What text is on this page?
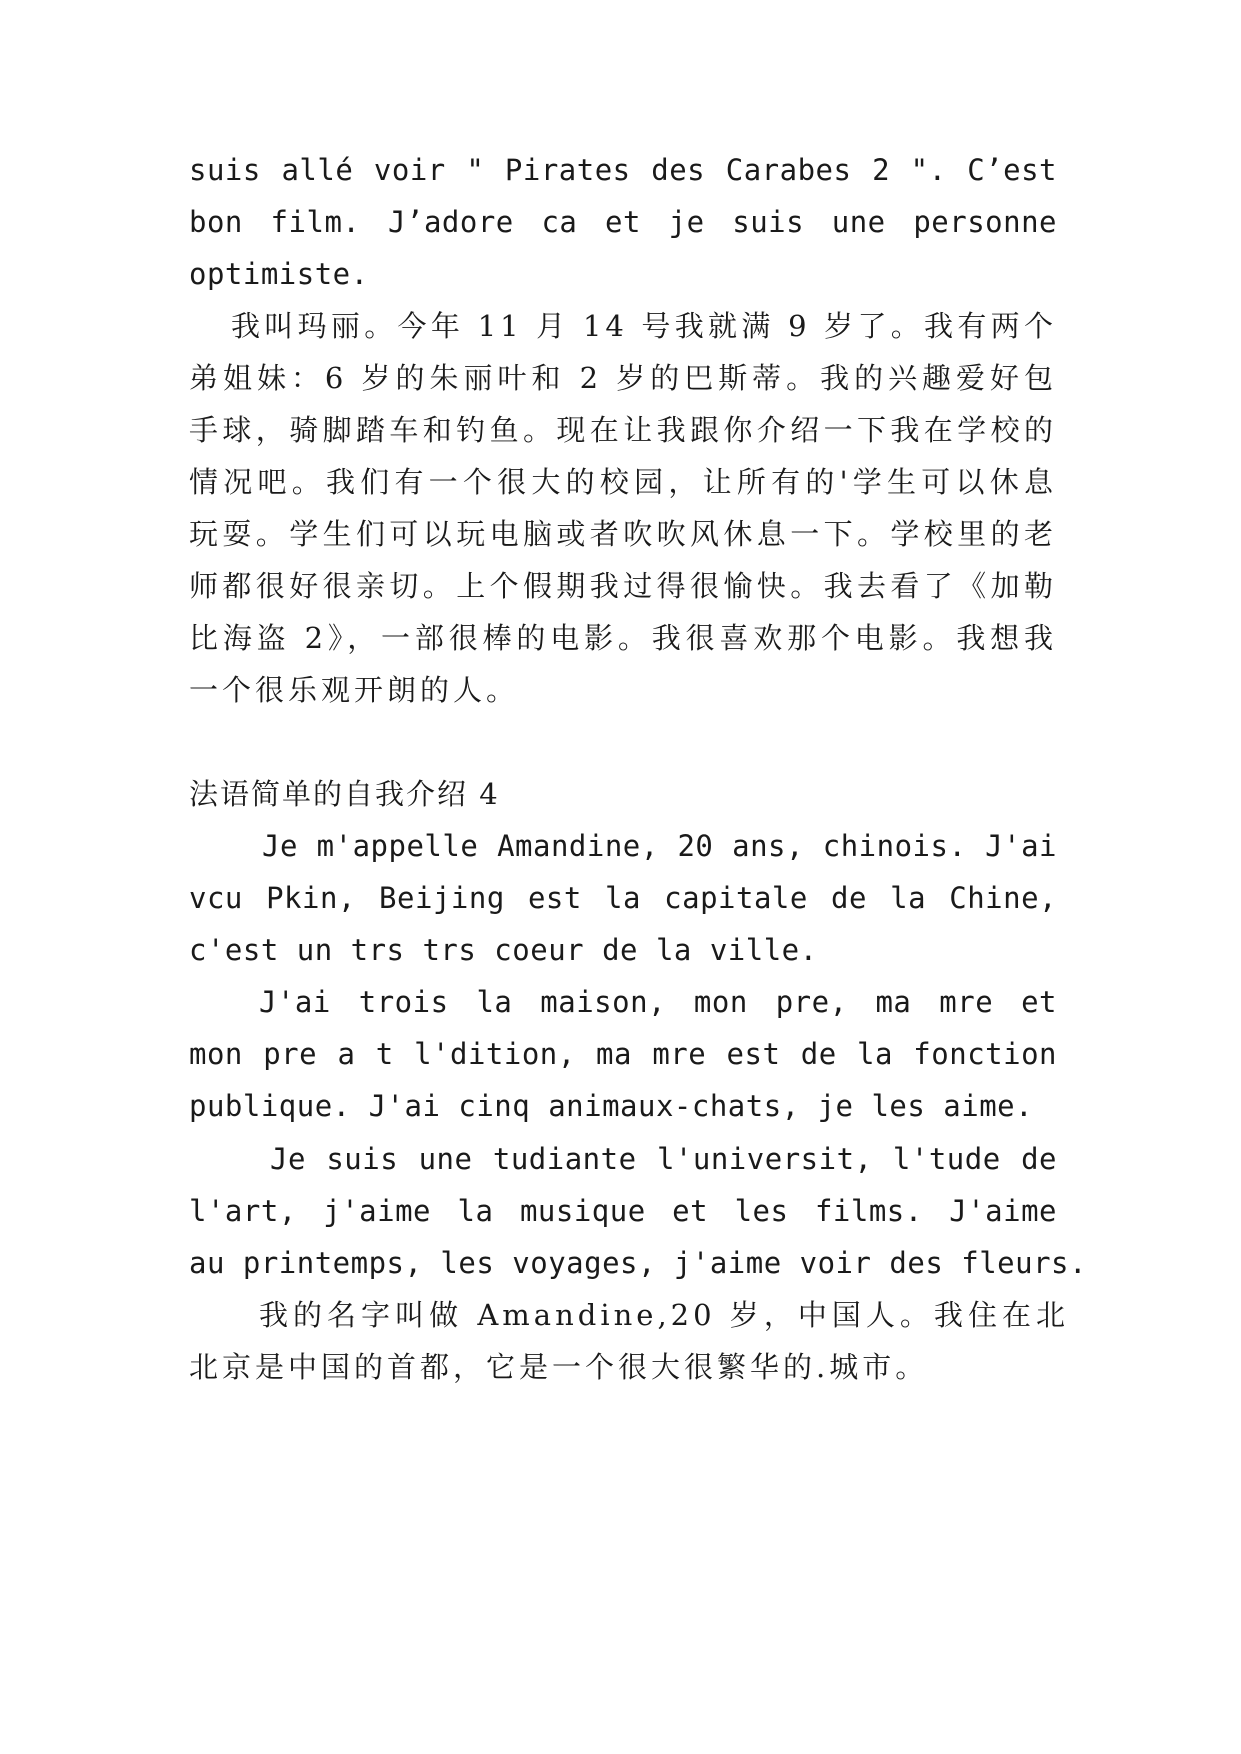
suis allé voir " Pirates des Carabes 2 ". C’est
bon film. J’adore ca et je suis une personne
optimiste.
我叫玛丽。今年 11 月 14 号我就满 9 岁了。我有两个
弟姐妹：6 岁的朱丽叶和 2 岁的巴斯蒂。我的兴趣爱好包
手球，骑脚踏车和钓鱼。现在让我跟你介绍一下我在学校的
情况吧。我们有一个很大的校园，让所有的'学生可以休息
玩耍。学生们可以玩电脑或者吹吹风休息一下。学校里的老
师都很好很亲切。上个假期我过得很愉快。我去看了《加勒
比海盗 2》，一部很棒的电影。我很喜欢那个电影。我想我
一个很乐观开朗的人。
法语简单的自我介绍 4
Je m'appelle Amandine, 20 ans, chinois. J'ai
vcu Pkin, Beijing est la capitale de la Chine,
c'est un trs trs coeur de la ville.
J'ai trois la maison, mon pre, ma mre et
mon pre a t l'dition, ma mre est de la fonction
publique. J'ai cinq animaux-chats, je les aime.
Je suis une tudiante l'universit, l'tude de
l'art, j'aime la musique et les films. J'aime
au printemps, les voyages, j'aime voir des fleurs.
我的名字叫做 Amandine,20 岁，中国人。我住在北
北京是中国的首都，它是一个很大很繁华的.城市。
